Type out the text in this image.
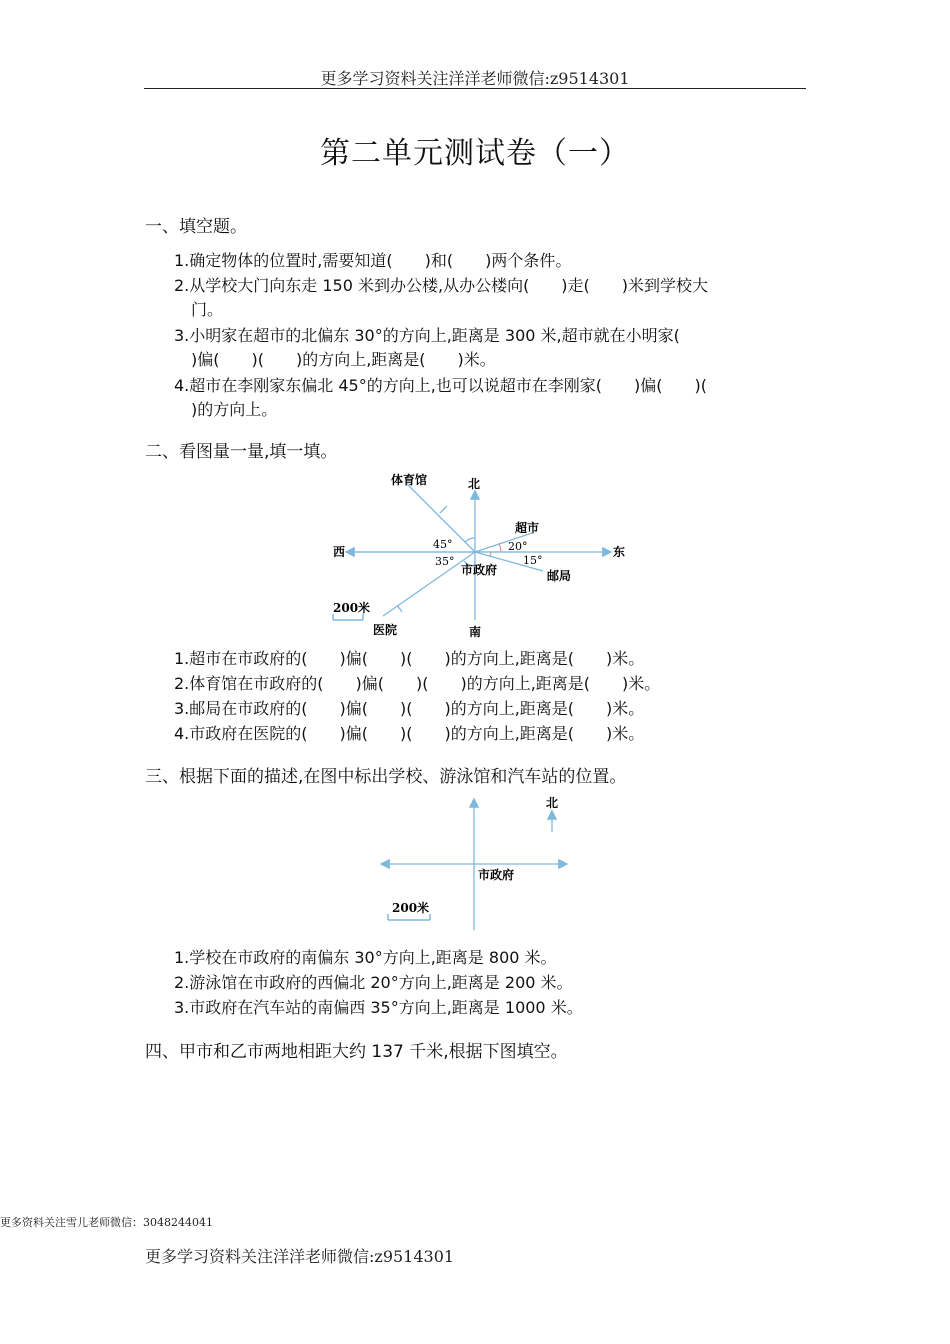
更多学习资料关注洋洋老师微信:z9514301
第二单元测试卷（一）
一、填空题。
1.确定物体的位置时,需要知道(　　)和(　　)两个条件。
2.从学校大门向东走 150 米到办公楼,从办公楼向(　　)走(　　)米到学校大
门。
3.小明家在超市的北偏东 30°的方向上,距离是 300 米,超市就在小明家(
)偏(　　)(　　)的方向上,距离是(　　)米。
4.超市在李刚家东偏北 45°的方向上,也可以说超市在李刚家(　　)偏(　　)(
)的方向上。
二、看图量一量,填一填。
体育馆	北
超市
西	东
45°
35°
20°
15°
市政府	邮局
200米
医院	南
1.超市在市政府的(　　)偏(　　)(　　)的方向上,距离是(　　)米。
2.体育馆在市政府的(　　)偏(　　)(　　)的方向上,距离是(　　)米。
3.邮局在市政府的(　　)偏(　　)(　　)的方向上,距离是(　　)米。
4.市政府在医院的(　　)偏(　　)(　　)的方向上,距离是(　　)米。
三、根据下面的描述,在图中标出学校、游泳馆和汽车站的位置。
北
市政府
200米
1.学校在市政府的南偏东 30°方向上,距离是 800 米。
2.游泳馆在市政府的西偏北 20°方向上,距离是 200 米。
3.市政府在汽车站的南偏西 35°方向上,距离是 1000 米。
四、甲市和乙市两地相距大约 137 千米,根据下图填空。
更多资料关注雪儿老师微信：3048244041
更多学习资料关注洋洋老师微信:z9514301
